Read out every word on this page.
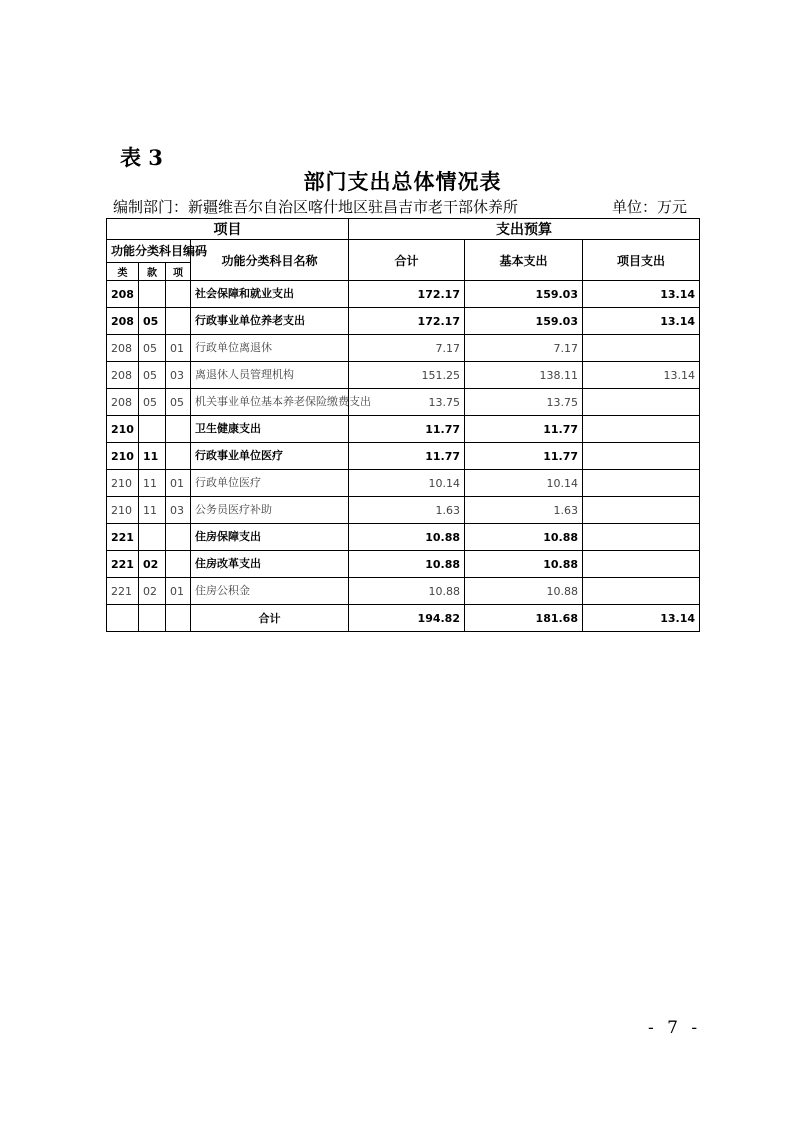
表 3
部门支出总体情况表
编制部门：新疆维吾尔自治区喀什地区驻昌吉市老干部休养所	单位：万元
项目				支出预算		
功能分类科目编码			功能分类科目名称	合计	基本支出	项目支出
类	款	项				
208			社会保障和就业支出	172.17	159.03	13.14
208	05		行政事业单位养老支出	172.17	159.03	13.14
208	05	01	行政单位离退休	7.17	7.17	
208	05	03	离退休人员管理机构	151.25	138.11	13.14
208	05	05	机关事业单位基本养老保险缴费支出	13.75	13.75	
210			卫生健康支出	11.77	11.77	
210	11		行政事业单位医疗	11.77	11.77	
210	11	01	行政单位医疗	10.14	10.14	
210	11	03	公务员医疗补助	1.63	1.63	
221			住房保障支出	10.88	10.88	
221	02		住房改革支出	10.88	10.88	
221	02	01	住房公积金	10.88	10.88	
			合计	194.82	181.68	13.14
- 7 -
